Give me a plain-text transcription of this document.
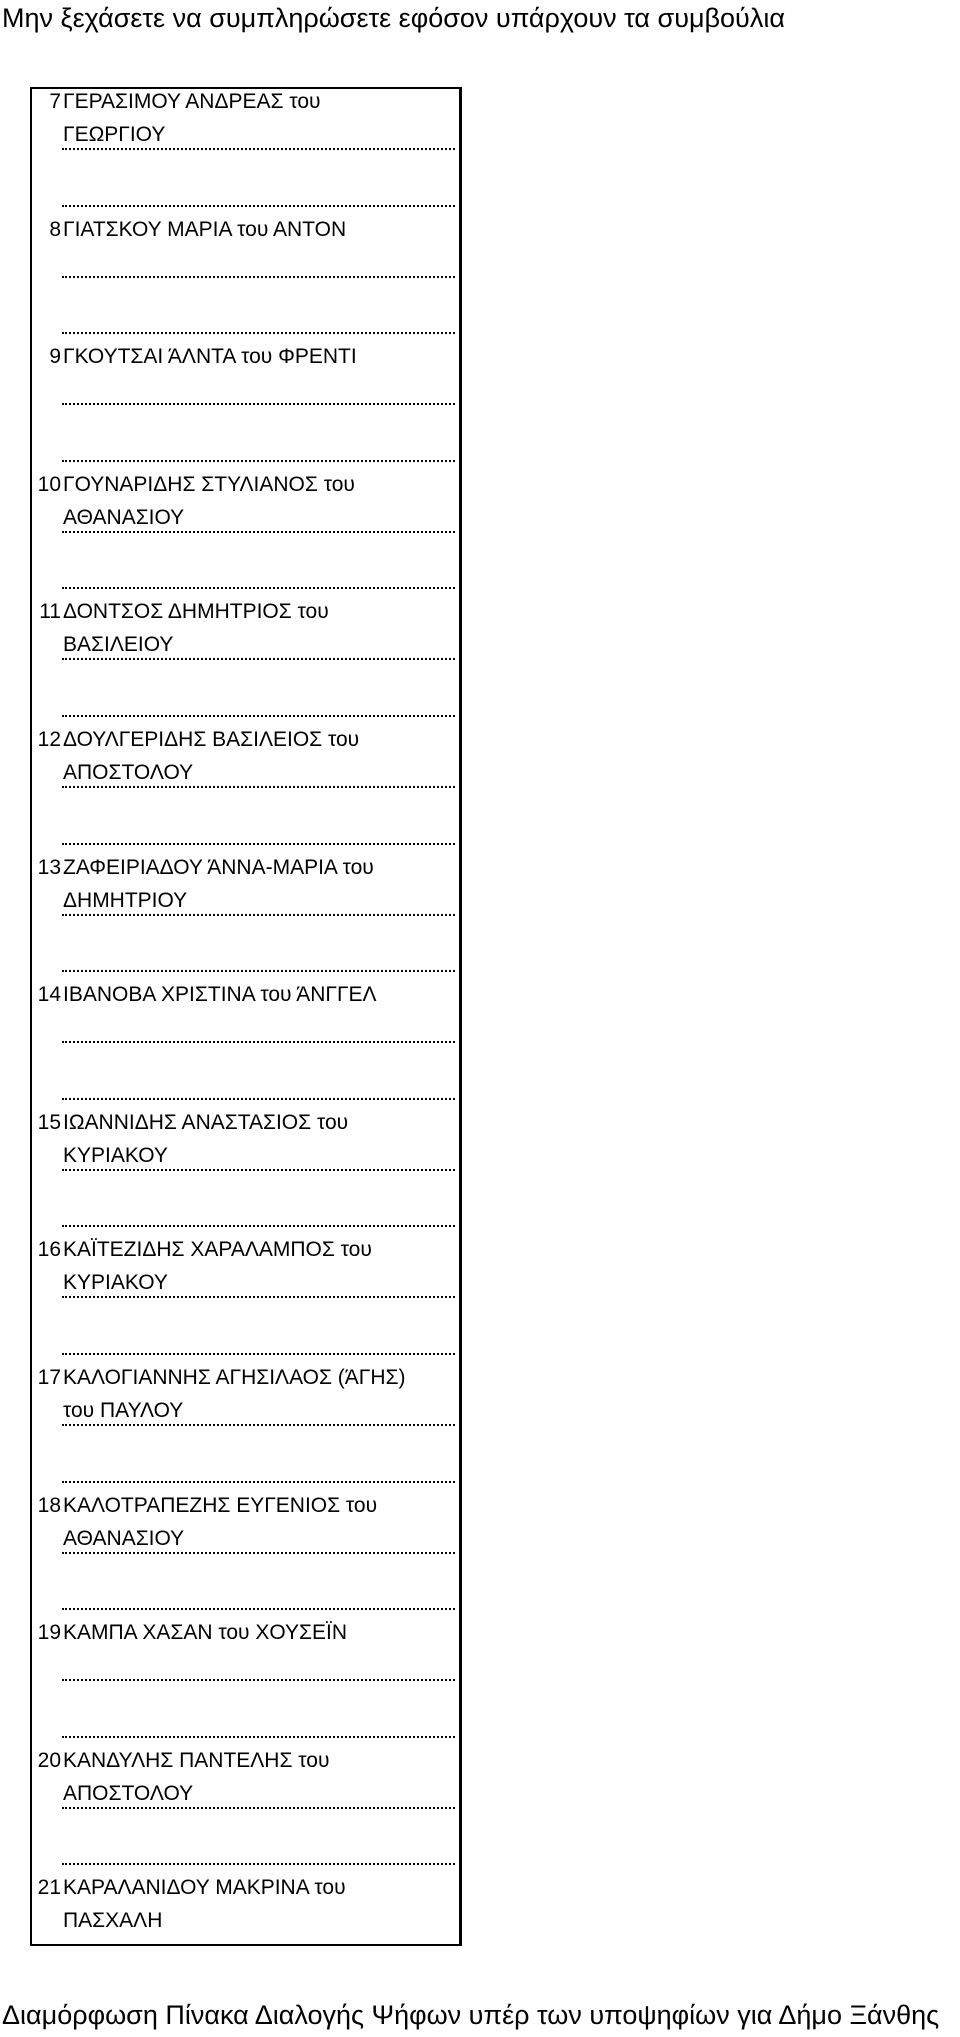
Μην ξεχάσετε να συμπληρώσετε εφόσον υπάρχουν τα συμβούλια
7 ΓΕΡΑΣΙΜΟΥ ΑΝΔΡΕΑΣ του
ΓΕΩΡΓΙΟΥ
8 ΓΙΑΤΣΚΟΥ ΜΑΡΙΑ του ΑΝΤΟΝ
9 ΓΚΟΥΤΣΑΙ ΆΛΝΤΑ του ΦΡΕΝΤΙ
10 ΓΟΥΝΑΡΙΔΗΣ ΣΤΥΛΙΑΝΟΣ του
ΑΘΑΝΑΣΙΟΥ
11 ΔΟΝΤΣΟΣ ΔΗΜΗΤΡΙΟΣ του
ΒΑΣΙΛΕΙΟΥ
12 ΔΟΥΛΓΕΡΙΔΗΣ ΒΑΣΙΛΕΙΟΣ του
ΑΠΟΣΤΟΛΟΥ
13 ΖΑΦΕΙΡΙΑΔΟΥ ΆΝΝΑ-ΜΑΡΙΑ του
ΔΗΜΗΤΡΙΟΥ
14 ΙΒΑΝΟΒΑ ΧΡΙΣΤΙΝΑ του ΆΝΓΓΕΛ
15 ΙΩΑΝΝΙΔΗΣ ΑΝΑΣΤΑΣΙΟΣ του
ΚΥΡΙΑΚΟΥ
16 ΚΑΪΤΕΖΙΔΗΣ ΧΑΡΑΛΑΜΠΟΣ του
ΚΥΡΙΑΚΟΥ
17 ΚΑΛΟΓΙΑΝΝΗΣ ΑΓΗΣΙΛΑΟΣ (ΆΓΗΣ)
του ΠΑΥΛΟΥ
18 ΚΑΛΟΤΡΑΠΕΖΗΣ ΕΥΓΕΝΙΟΣ του
ΑΘΑΝΑΣΙΟΥ
19 ΚΑΜΠΑ ΧΑΣΑΝ του ΧΟΥΣΕΪΝ
20 ΚΑΝΔΥΛΗΣ ΠΑΝΤΕΛΗΣ του
ΑΠΟΣΤΟΛΟΥ
21 ΚΑΡΑΛΑΝΙΔΟΥ ΜΑΚΡΙΝΑ του
ΠΑΣΧΑΛΗ
Διαμόρφωση Πίνακα Διαλογής Ψήφων υπέρ των υποψηφίων για Δήμο Ξάνθης
